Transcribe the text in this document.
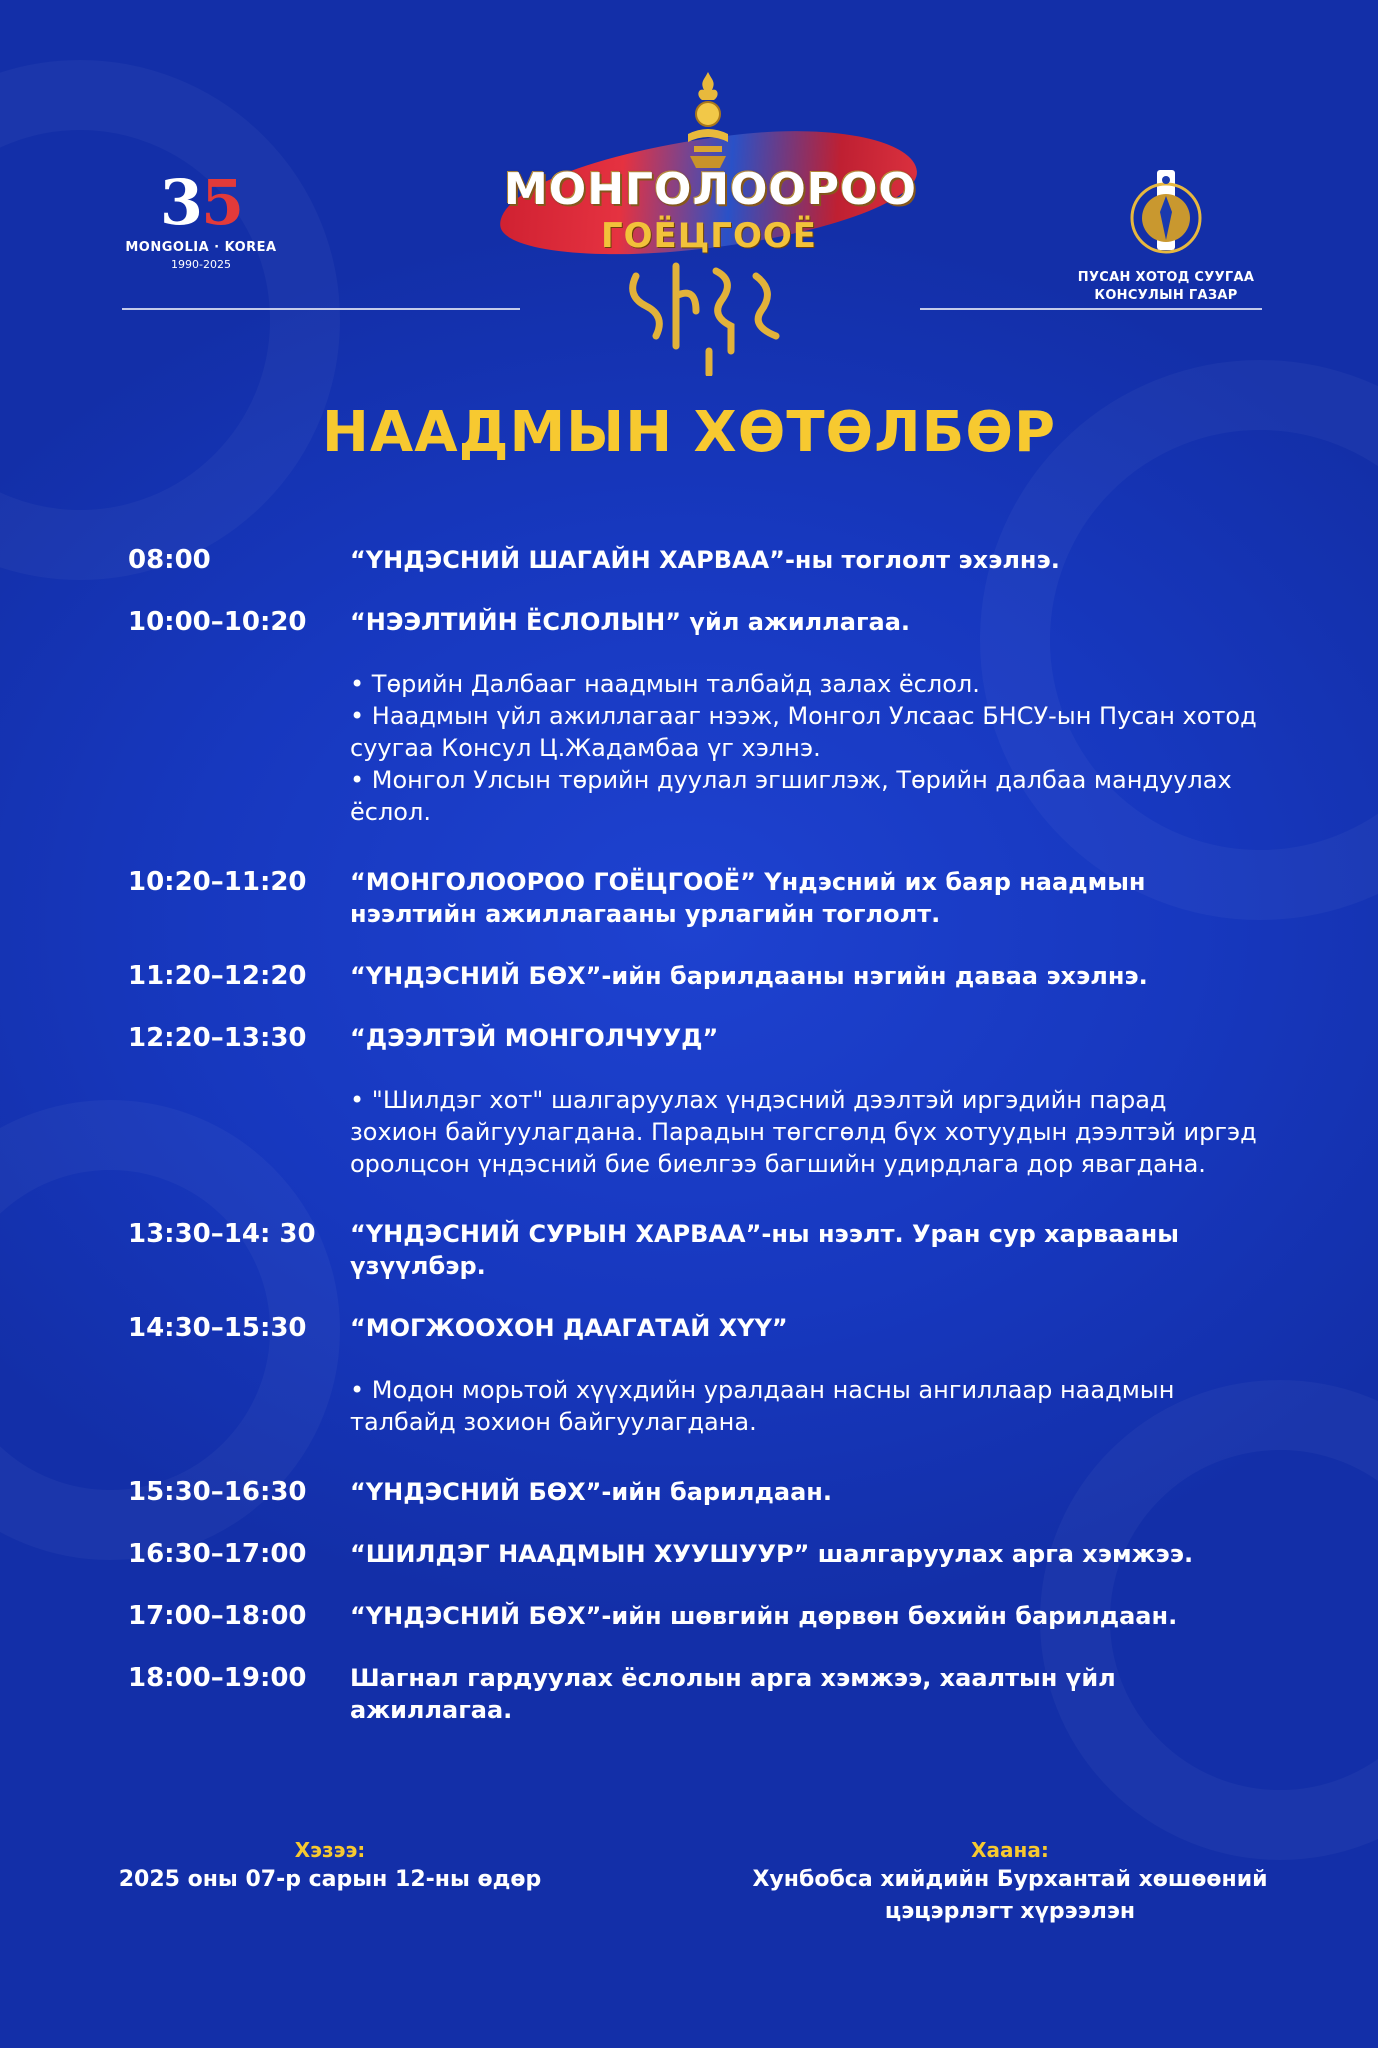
35
MONGOLIA · KOREA
1990-2025
МОНГОЛООРОО
ГОЁЦГООЁ
ПУСАН ХОТОД СУУГАА
КОНСУЛЫН ГАЗАР
НААДМЫН ХӨТӨЛБӨР
08:00	“ҮНДЭСНИЙ ШАГАЙН ХАРВАА”-ны тоглолт эхэлнэ.
10:00–10:20	“НЭЭЛТИЙН ЁСЛОЛЫН” үйл ажиллагаа.

• Төрийн Далбааг наадмын талбайд залах ёслол.

• Наадмын үйл ажиллагааг нээж, Монгол Улсаас БНСУ-ын Пусан хотод суугаа Консул Ц.Жадамбаа үг хэлнэ.

• Монгол Улсын төрийн дуулал эгшиглэж, Төрийн далбаа мандуулах ёслол.

10:20–11:20	“МОНГОЛООРОО ГОЁЦГООЁ” Үндэсний их баяр наадмын нээлтийн ажиллагааны урлагийн тоглолт.
11:20–12:20	“ҮНДЭСНИЙ БӨХ”-ийн барилдааны нэгийн даваа эхэлнэ.
12:20–13:30	“ДЭЭЛТЭЙ МОНГОЛЧУУД”

• "Шилдэг хот" шалгаруулах үндэсний дээлтэй иргэдийн парад зохион байгуулагдана. Парадын төгсгөлд бүх хотуудын дээлтэй иргэд оролцсон үндэсний бие биелгээ багшийн удирдлага дор явагдана.

13:30–14: 30	“ҮНДЭСНИЙ СУРЫН ХАРВАА”-ны нээлт. Уран сур харвааны үзүүлбэр.
14:30–15:30	“МОГЖООХОН ДААГАТАЙ ХҮҮ”

• Модон морьтой хүүхдийн уралдаан насны ангиллаар наадмын талбайд зохион байгуулагдана.

15:30–16:30	“ҮНДЭСНИЙ БӨХ”-ийн барилдаан.
16:30–17:00	“ШИЛДЭГ НААДМЫН ХУУШУУР” шалгаруулах арга хэмжээ.
17:00–18:00	“ҮНДЭСНИЙ БӨХ”-ийн шөвгийн дөрвөн бөхийн барилдаан.
18:00–19:00	Шагнал гардуулах ёслолын арга хэмжээ, хаалтын үйл ажиллагаа.
Хэзээ:
2025 оны 07-р сарын 12-ны өдөр
Хаана:
Хунбобса хийдийн Бурхантай хөшөөний
цэцэрлэгт хүрээлэн
